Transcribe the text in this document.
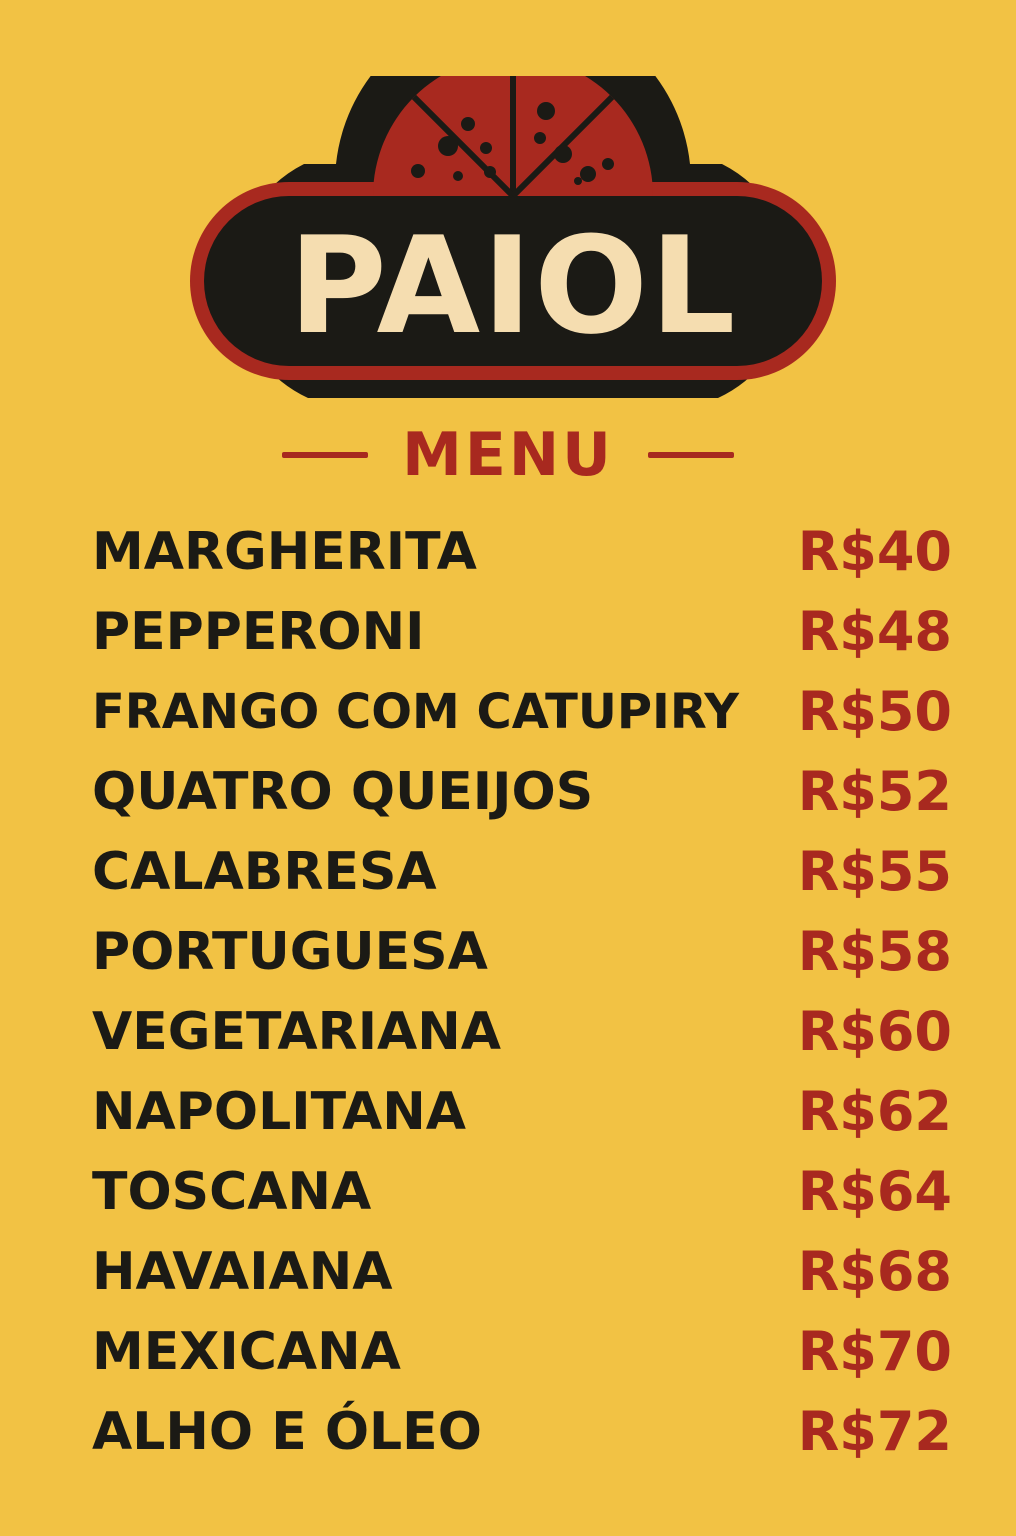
PAIOL
MENU
MARGHERITA	R$40
PEPPERONI	R$48
FRANGO COM CATUPIRY R$50
QUATRO QUEIJOS	R$52
CALABRESA	R$55
PORTUGUESA	R$58
VEGETARIANA	R$60
NAPOLITANA	R$62
TOSCANA	R$64
HAVAIANA	R$68
MEXICANA	R$70
ALHO E ÓLEO	R$72
